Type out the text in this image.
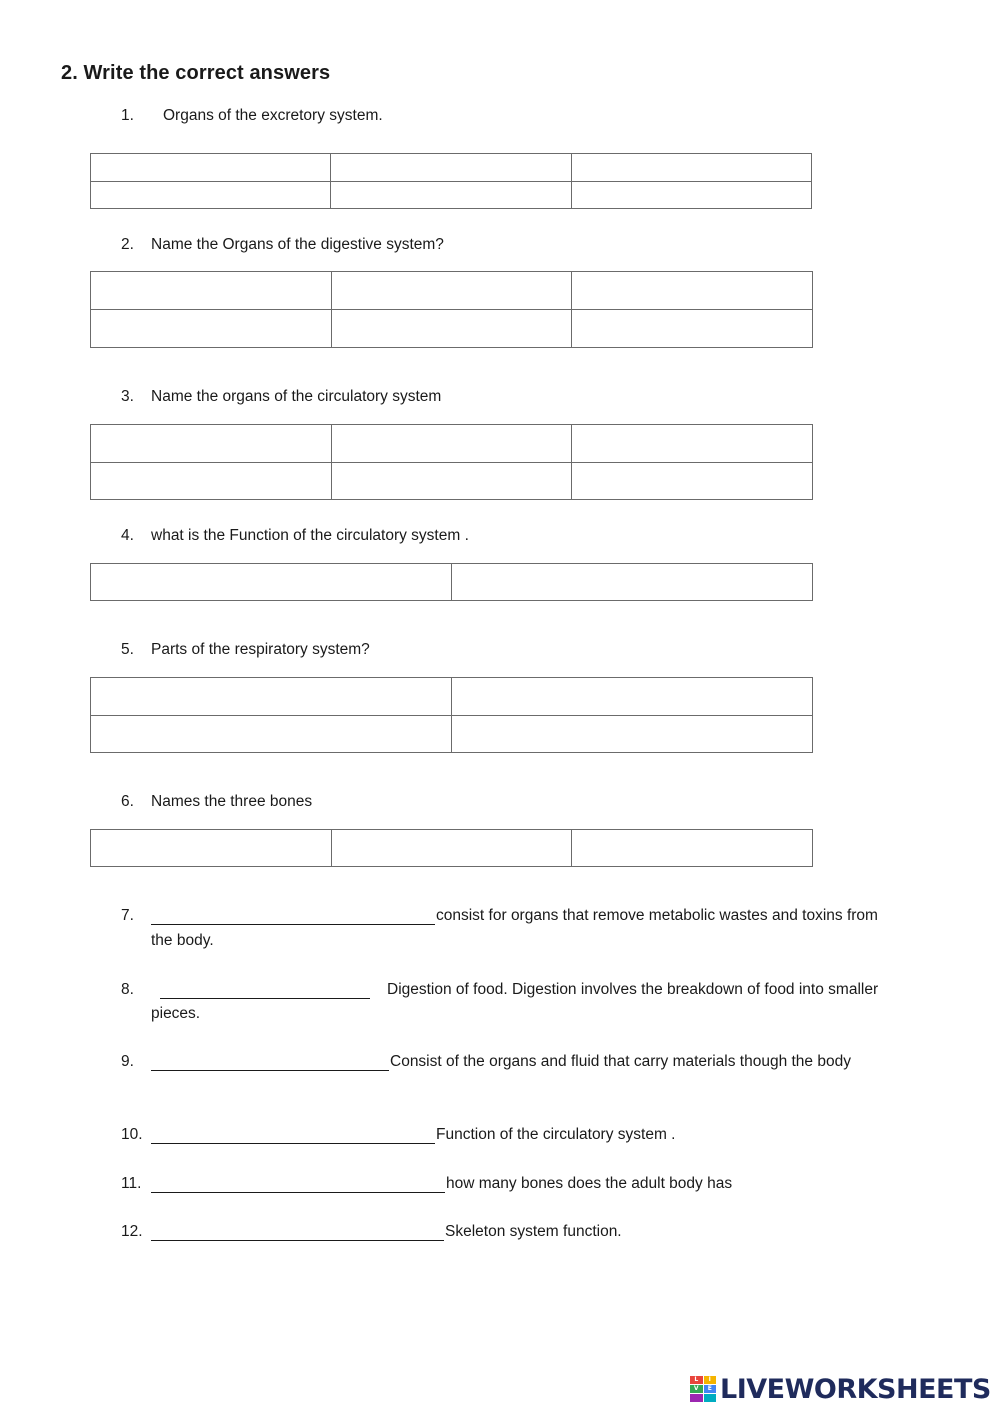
2. Write the correct answers
1. Organs of the excretory system.

2. Name the Organs of the digestive system?

3. Name the organs of the circulatory system

4. what is the Function of the circulatory system .

5. Parts of the respiratory system?

6. Names the three bones

7.	consist for organs that remove metabolic wastes and toxins from
the body.
8.	Digestion of food. Digestion involves the breakdown of food into smaller
pieces.
9.	Consist of the organs and fluid that carry materials though the body
10.	Function of the circulatory system .
11.	how many bones does the adult body has
12.	Skeleton system function.
L	I
V	E LIVEWORKSHEETS
